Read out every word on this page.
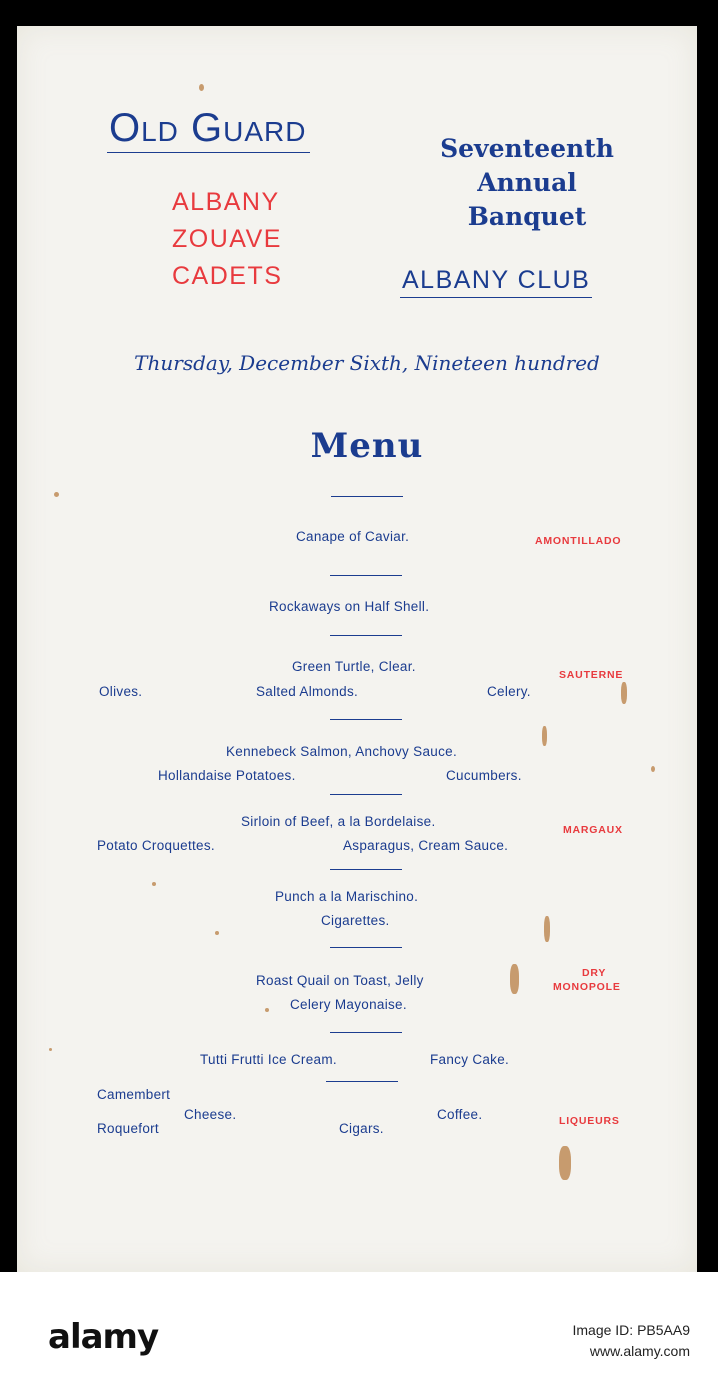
Old Guard
ALBANY
ZOUAVE
CADETS
Seventeenth
Annual
Banquet
ALBANY CLUB
Thursday, December Sixth, Nineteen hundred
Menu
Canape of Caviar.	AMONTILLADO
Rockaways on Half Shell.
Green Turtle, Clear.
SAUTERNE
Olives.	Salted Almonds.	Celery.
Kennebeck Salmon, Anchovy Sauce.
Hollandaise Potatoes.	Cucumbers.
Sirloin of Beef, a la Bordelaise.
MARGAUX
Potato Croquettes.	Asparagus, Cream Sauce.
Punch a la Marischino.
Cigarettes.
Roast Quail on Toast, Jelly	DRY
MONOPOLE
Celery Mayonaise.
Tutti Frutti Ice Cream.	Fancy Cake.
Camembert
Cheese.	Coffee.	LIQUEURS
Roquefort	Cigars.
alamy	Image ID: PB5AA9
www.alamy.com
